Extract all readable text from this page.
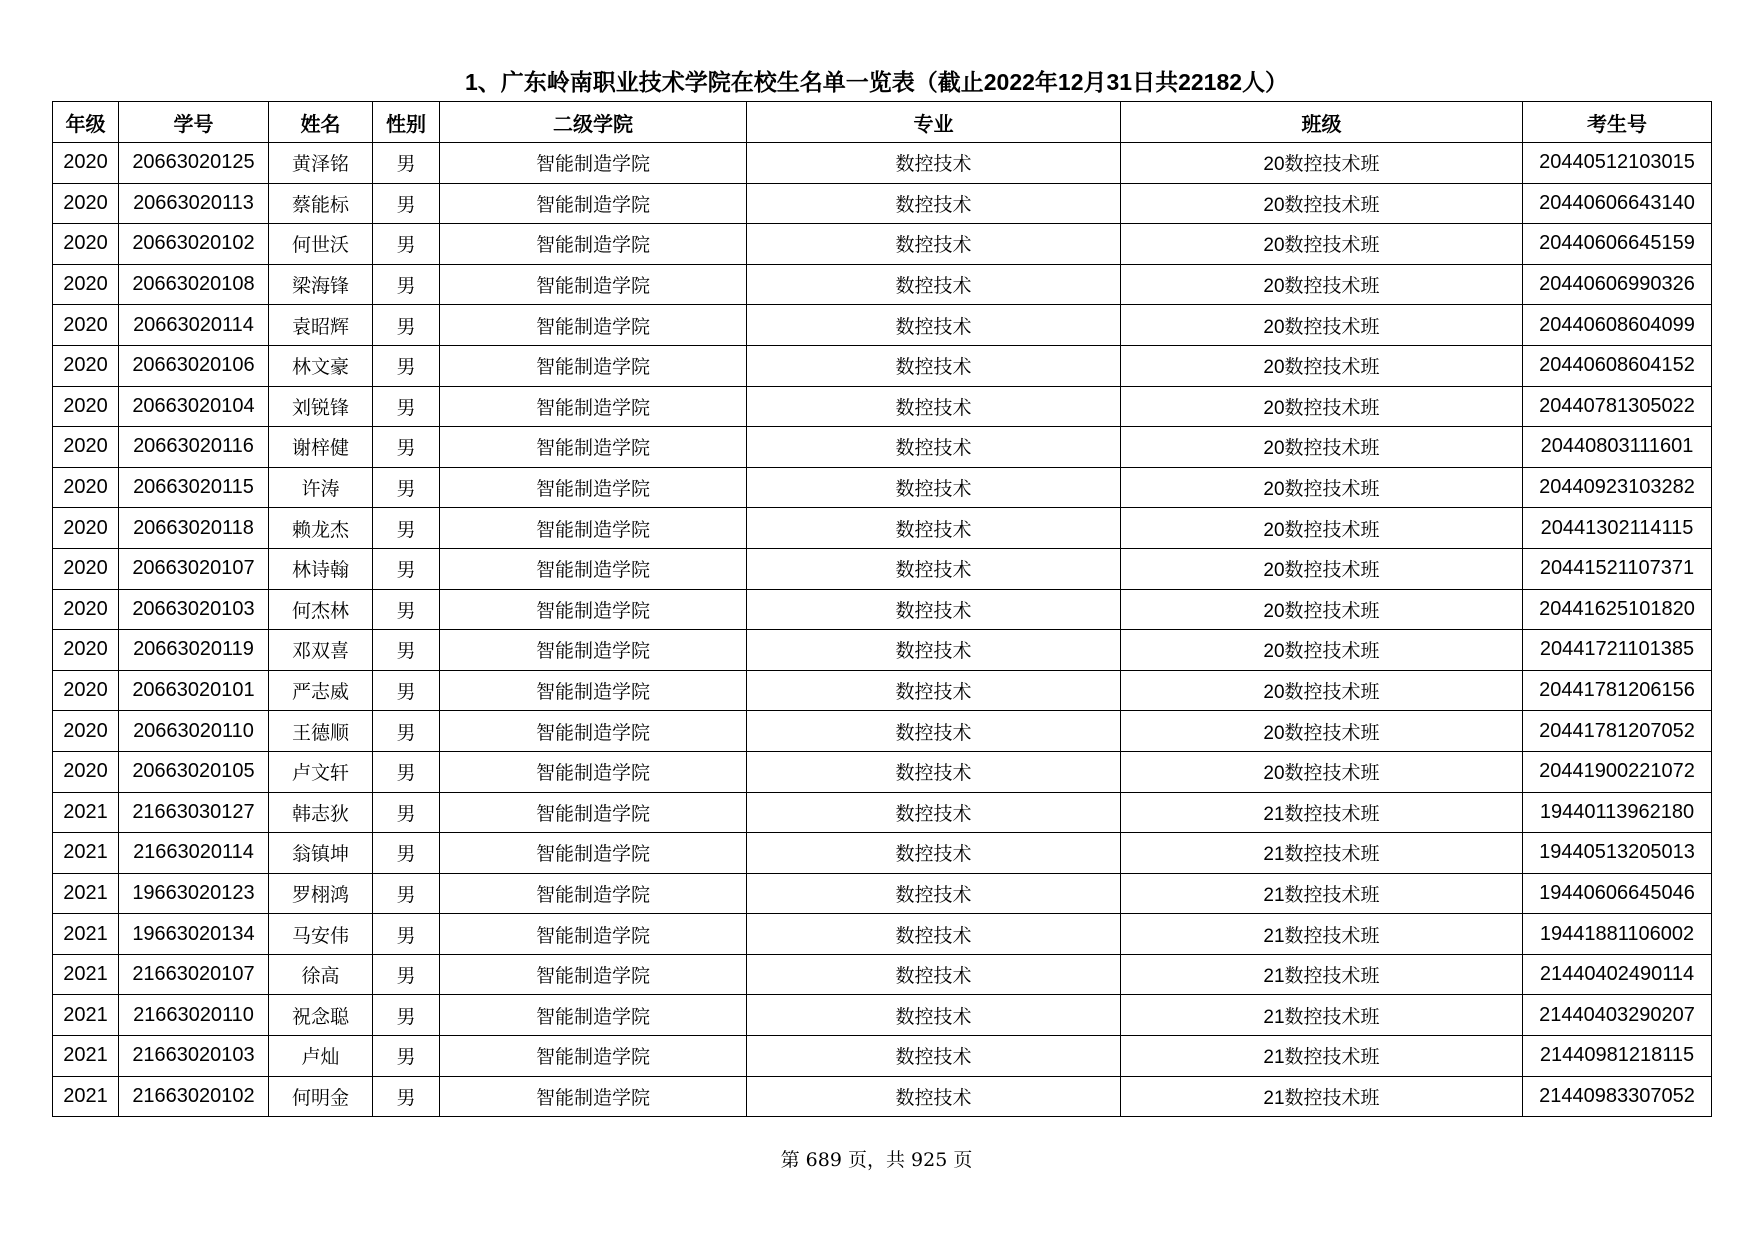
1、广东岭南职业技术学院在校生名单一览表（截止2022年12月31日共22182人）
年级	学号	姓名	性别	二级学院	专业	班级	考生号
2020	20663020125	黄泽铭	男	智能制造学院	数控技术	20数控技术班	20440512103015
2020	20663020113	蔡能标	男	智能制造学院	数控技术	20数控技术班	20440606643140
2020	20663020102	何世沃	男	智能制造学院	数控技术	20数控技术班	20440606645159
2020	20663020108	梁海锋	男	智能制造学院	数控技术	20数控技术班	20440606990326
2020	20663020114	袁昭辉	男	智能制造学院	数控技术	20数控技术班	20440608604099
2020	20663020106	林文豪	男	智能制造学院	数控技术	20数控技术班	20440608604152
2020	20663020104	刘锐锋	男	智能制造学院	数控技术	20数控技术班	20440781305022
2020	20663020116	谢梓健	男	智能制造学院	数控技术	20数控技术班	20440803111601
2020	20663020115	许涛	男	智能制造学院	数控技术	20数控技术班	20440923103282
2020	20663020118	赖龙杰	男	智能制造学院	数控技术	20数控技术班	20441302114115
2020	20663020107	林诗翰	男	智能制造学院	数控技术	20数控技术班	20441521107371
2020	20663020103	何杰林	男	智能制造学院	数控技术	20数控技术班	20441625101820
2020	20663020119	邓双喜	男	智能制造学院	数控技术	20数控技术班	20441721101385
2020	20663020101	严志威	男	智能制造学院	数控技术	20数控技术班	20441781206156
2020	20663020110	王德顺	男	智能制造学院	数控技术	20数控技术班	20441781207052
2020	20663020105	卢文轩	男	智能制造学院	数控技术	20数控技术班	20441900221072
2021	21663030127	韩志狄	男	智能制造学院	数控技术	21数控技术班	19440113962180
2021	21663020114	翁镇坤	男	智能制造学院	数控技术	21数控技术班	19440513205013
2021	19663020123	罗栩鸿	男	智能制造学院	数控技术	21数控技术班	19440606645046
2021	19663020134	马安伟	男	智能制造学院	数控技术	21数控技术班	19441881106002
2021	21663020107	徐高	男	智能制造学院	数控技术	21数控技术班	21440402490114
2021	21663020110	祝念聪	男	智能制造学院	数控技术	21数控技术班	21440403290207
2021	21663020103	卢灿	男	智能制造学院	数控技术	21数控技术班	21440981218115
2021	21663020102	何明金	男	智能制造学院	数控技术	21数控技术班	21440983307052
第 689 页，共 925 页
